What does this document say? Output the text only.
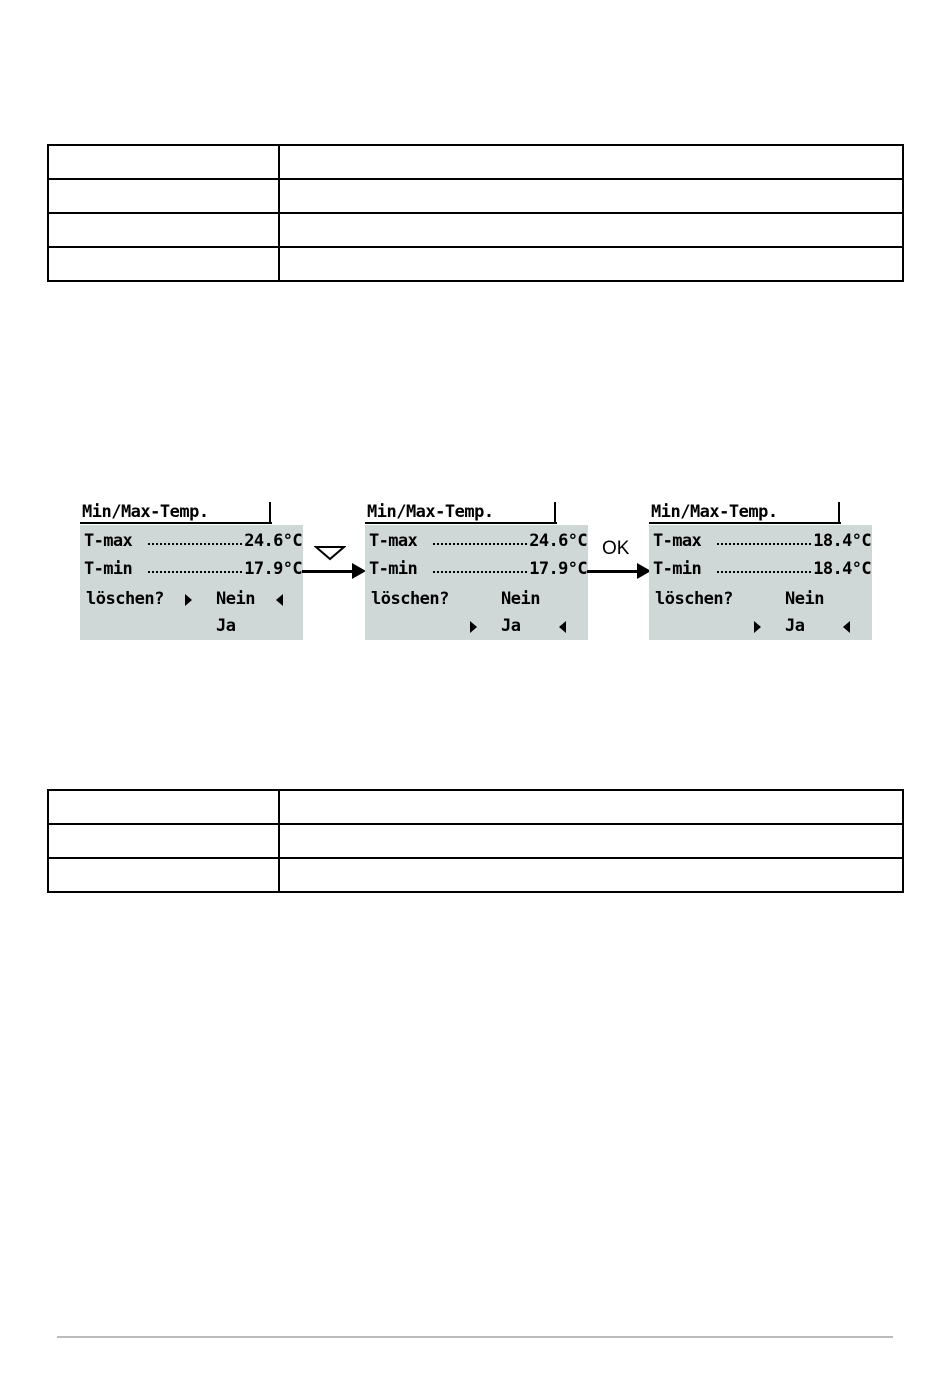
Min/Max-Temp.
T-max	24.6°C
T-min	17.9°C
löschen?	Nein
Ja
Min/Max-Temp.
T-max	24.6°C
T-min	17.9°C
löschen?	Nein
Ja
OK
Min/Max-Temp.
T-max	18.4°C
T-min	18.4°C
löschen?	Nein
Ja
